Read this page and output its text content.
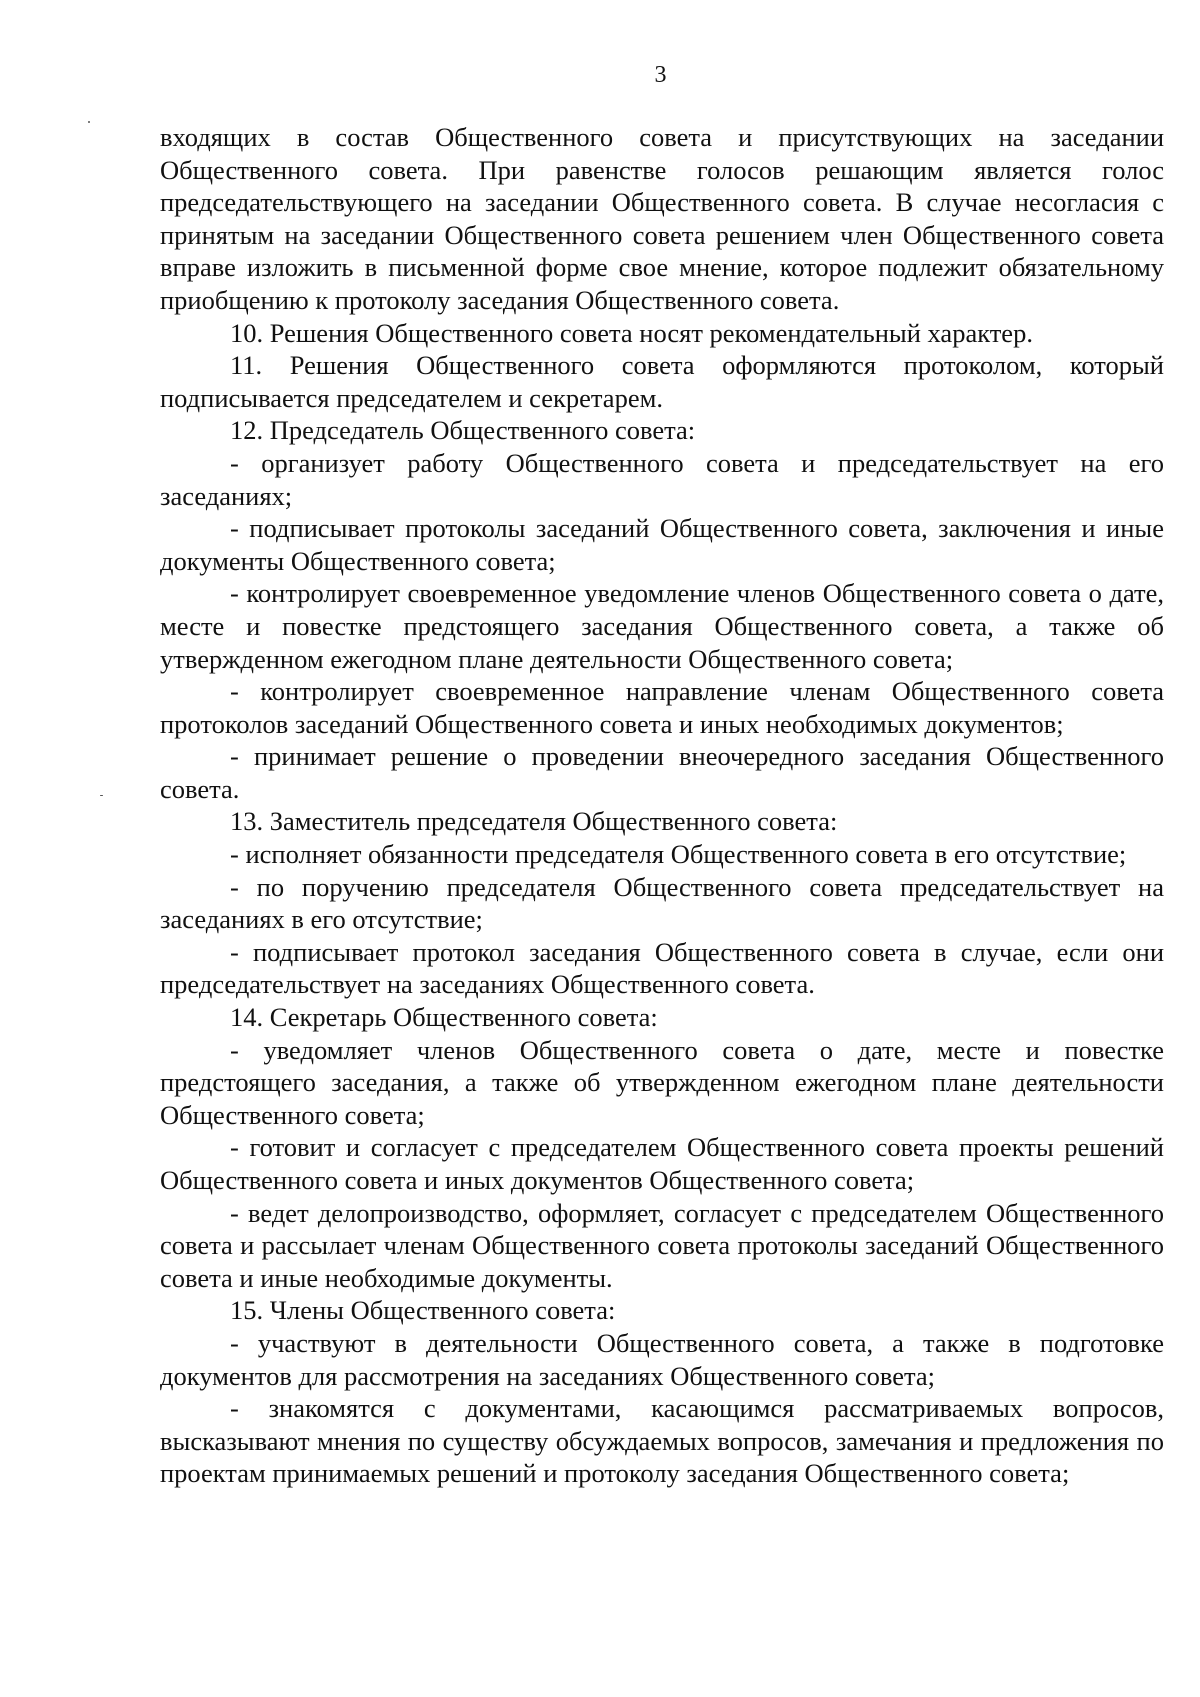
3

входящих в состав Общественного совета и присутствующих на заседании Общественного совета. При равенстве голосов решающим является голос председательствующего на заседании Общественного совета. В случае несогласия с принятым на заседании Общественного совета решением член Общественного совета вправе изложить в письменной форме свое мнение, которое подлежит обязательному приобщению к протоколу заседания Общественного совета.

10. Решения Общественного совета носят рекомендательный характер.

11. Решения Общественного совета оформляются протоколом, который подписывается председателем и секретарем.

12. Председатель Общественного совета:

- организует работу Общественного совета и председательствует на его заседаниях;

- подписывает протоколы заседаний Общественного совета, заключения и иные документы Общественного совета;

- контролирует своевременное уведомление членов Общественного совета о дате, месте и повестке предстоящего заседания Общественного совета, а также об утвержденном ежегодном плане деятельности Общественного совета;

- контролирует своевременное направление членам Общественного совета протоколов заседаний Общественного совета и иных необходимых документов;

- принимает решение о проведении внеочередного заседания Общественного совета.

13. Заместитель председателя Общественного совета:

- исполняет обязанности председателя Общественного совета в его отсутствие;

- по поручению председателя Общественного совета председательствует на заседаниях в его отсутствие;

- подписывает протокол заседания Общественного совета в случае, если они председательствует на заседаниях Общественного совета.

14. Секретарь Общественного совета:

- уведомляет членов Общественного совета о дате, месте и повестке предстоящего заседания, а также об утвержденном ежегодном плане деятельности Общественного совета;

- готовит и согласует с председателем Общественного совета проекты решений Общественного совета и иных документов Общественного совета;

- ведет делопроизводство, оформляет, согласует с председателем Общественного совета и рассылает членам Общественного совета протоколы заседаний Общественного совета и иные необходимые документы.

15. Члены Общественного совета:

- участвуют в деятельности Общественного совета, а также в подготовке документов для рассмотрения на заседаниях Общественного совета;

- знакомятся с документами, касающимся рассматриваемых вопросов, высказывают мнения по существу обсуждаемых вопросов, замечания и предложения по проектам принимаемых решений и протоколу заседания Общественного совета;
